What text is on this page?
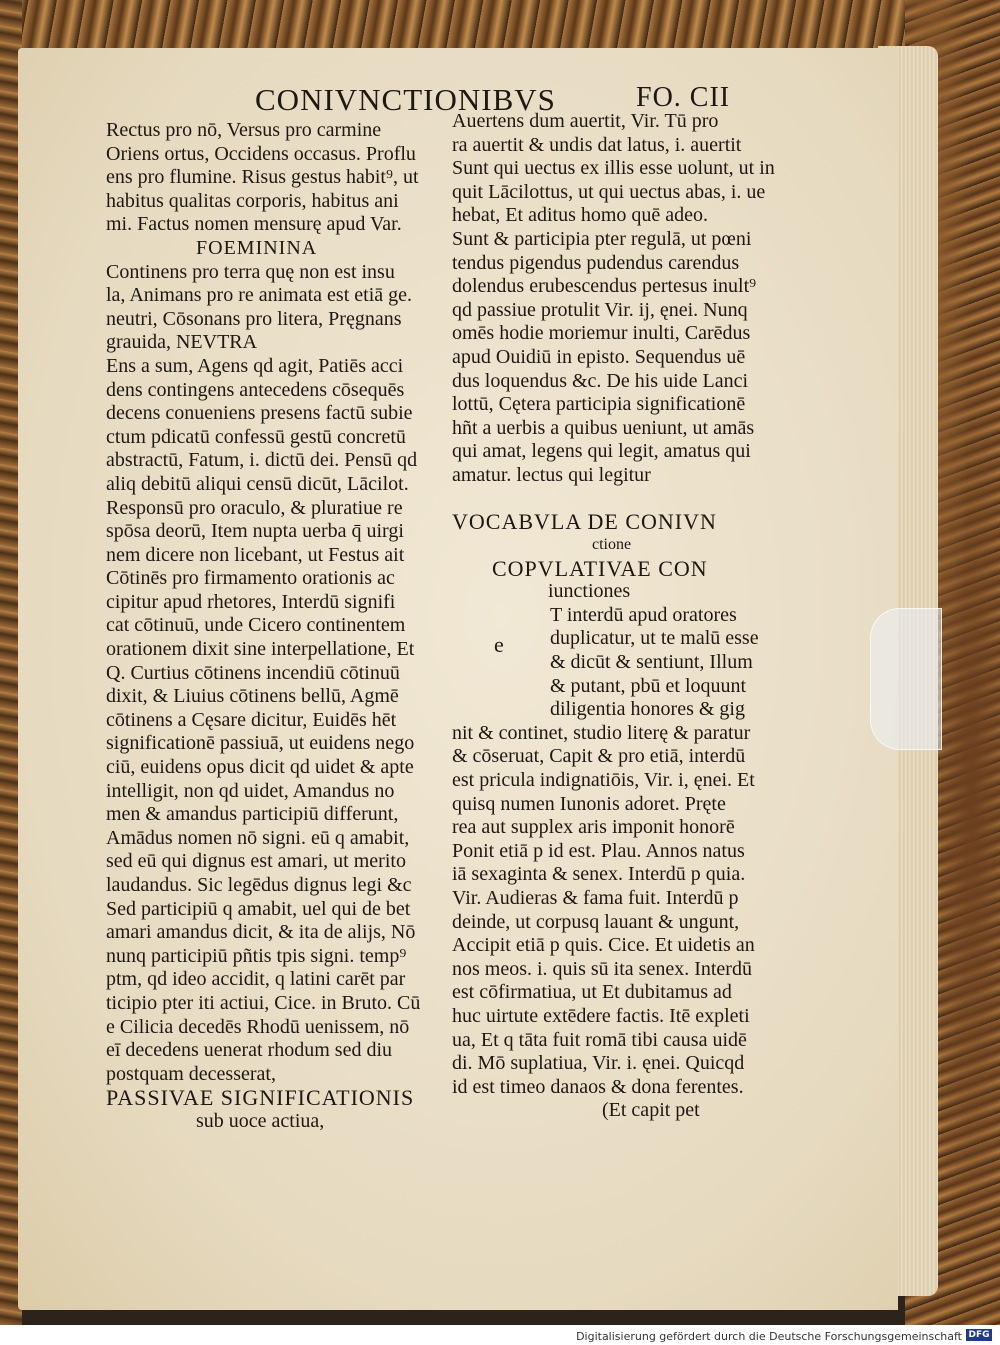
CONIVNCTIONIBVS	FO. CII
Rectus pro nō, Versus pro carmine
Oriens ortus, Occidens occasus. Proflu
ens pro flumine. Risus gestus habit⁹, ut
habitus qualitas corporis, habitus ani
mi. Factus nomen mensurę apud Var.
FOEMININA
Continens pro terra quę non est insu
la, Animans pro re animata est etiā ge.
neutri, Cōsonans pro litera, Pręgnans
grauida, NEVTRA
Ens a sum, Agens qd agit, Patiēs acci
dens contingens antecedens cōsequēs
decens conueniens presens factū subie
ctum pdicatū confessū gestū concretū
abstractū, Fatum, i. dictū dei. Pensū qd
aliq debitū aliqui censū dicūt, Lācilot.
Responsū pro oraculo, & pluratiue re
spōsa deorū, Item nupta uerba q̄ uirgi
nem dicere non licebant, ut Festus ait
Cōtinēs pro firmamento orationis ac
cipitur apud rhetores, Interdū signifi
cat cōtinuū, unde Cicero continentem
orationem dixit sine interpellatione, Et
Q. Curtius cōtinens incendiū cōtinuū
dixit, & Liuius cōtinens bellū, Agmē
cōtinens a Cęsare dicitur, Euidēs hēt
significationē passiuā, ut euidens nego
ciū, euidens opus dicit qd uidet & apte
intelligit, non qd uidet, Amandus no
men & amandus participiū differunt,
Amādus nomen nō signi. eū q amabit,
sed eū qui dignus est amari, ut merito
laudandus. Sic legēdus dignus legi &c
Sed participiū q amabit, uel qui de bet
amari amandus dicit, & ita de alijs, Nō
nunq participiū pñtis tpis signi. temp⁹
ptm, qd ideo accidit, q latini carēt par
ticipio pter iti actiui, Cice. in Bruto. Cū
e Cilicia decedēs Rhodū uenissem, nō
eī decedens uenerat rhodum sed diu
postquam decesserat,
PASSIVAE SIGNIFICATIONIS
sub uoce actiua,
Auertens dum auertit, Vir. Tū pro
ra auertit & undis dat latus, i. auertit
Sunt qui uectus ex illis esse uolunt, ut in
quit Lācilottus, ut qui uectus abas, i. ue
hebat, Et aditus homo quē adeo.
Sunt & participia pter regulā, ut pœni
tendus pigendus pudendus carendus
dolendus erubescendus pertesus inult⁹
qd passiue protulit Vir. ij, ęnei. Nunq
omēs hodie moriemur inulti, Carēdus
apud Ouidiū in episto. Sequendus uē
dus loquendus &c. De his uide Lanci
lottū, Cętera participia significationē
hñt a uerbis a quibus ueniunt, ut amās
qui amat, legens qui legit, amatus qui
amatur. lectus qui legitur
VOCABVLA DE CONIVN
ctione
COPVLATIVAE CON
iunctiones
T interdū apud oratores
duplicatur, ut te malū esse
& dicūt & sentiunt, Illum
& putant, pbū et loquunt
diligentia honores & gig
nit & continet, studio literę & paratur
& cōseruat, Capit & pro etiā, interdū
est pricula indignatiōis, Vir. i, ęnei. Et
quisq numen Iunonis adoret. Pręte
rea aut supplex aris imponit honorē
Ponit etiā p id est. Plau. Annos natus
iā sexaginta & senex. Interdū p quia.
Vir. Audieras & fama fuit. Interdū p
deinde, ut corpusq lauant & ungunt,
Accipit etiā p quis. Cice. Et uidetis an
nos meos. i. quis sū ita senex. Interdū
est cōfirmatiua, ut Et dubitamus ad
huc uirtute extēdere factis. Itē expleti
ua, Et q tāta fuit romā tibi causa uidē
di. Mō suplatiua, Vir. i. ęnei. Quicqd
id est timeo danaos & dona ferentes.
(Et capit pet
e
Digitalisierung gefördert durch die Deutsche Forschungsgemeinschaft DFG
